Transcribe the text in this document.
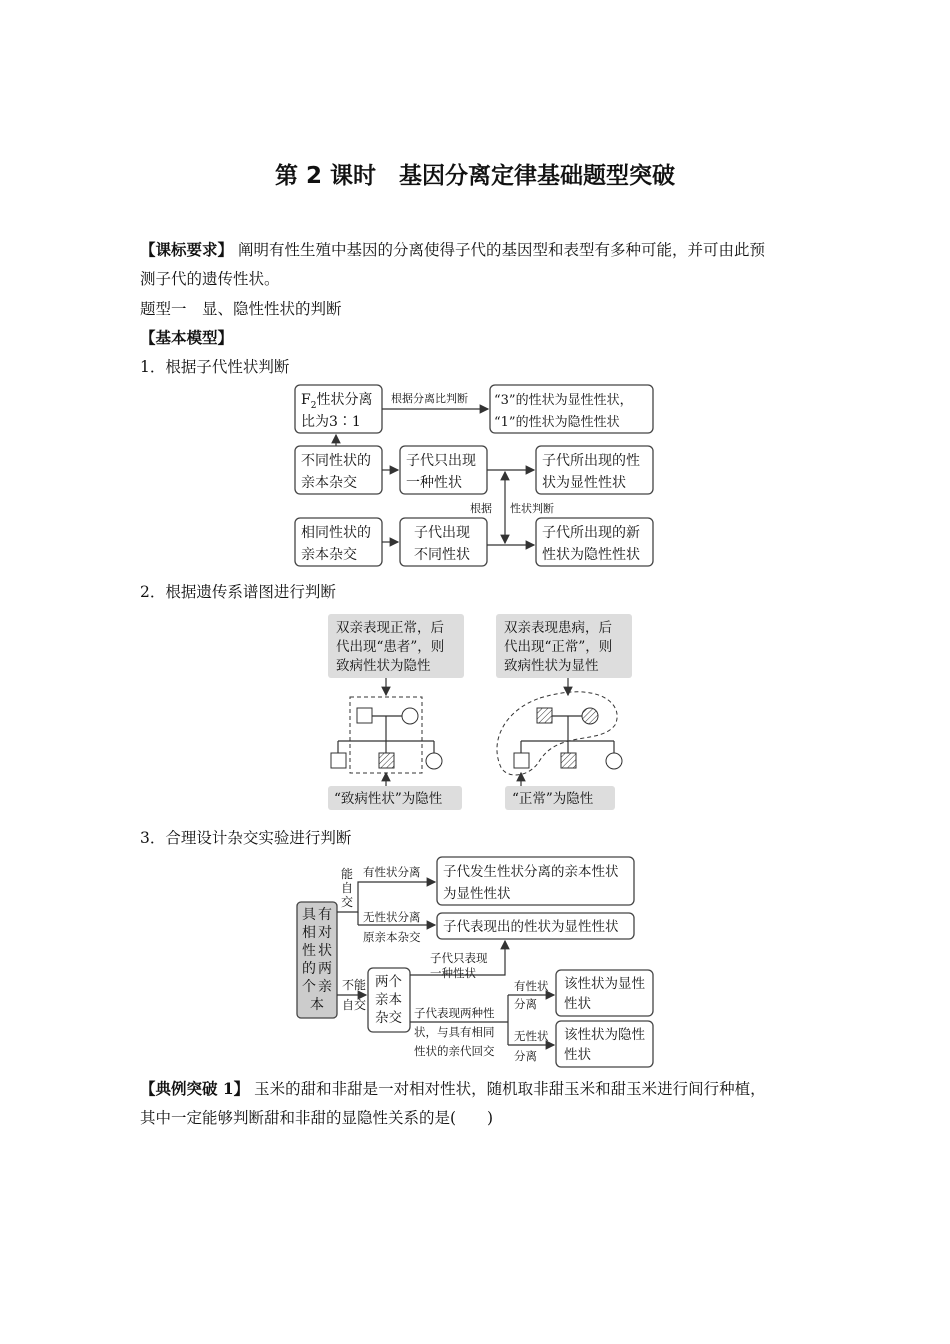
第 2 课时　基因分离定律基础题型突破
【课标要求】 阐明有性生殖中基因的分离使得子代的基因型和表型有多种可能，并可由此预
测子代的遗传性状。
题型一　显、隐性性状的判断
【基本模型】
1．根据子代性状判断
$F_2$性状分离
比为3∶1
根据分离比判断 “3”的性状为显性性状，
“1”的性状为隐性性状
不同性状的
亲本杂交
子代只出现
一种性状
子代所出现的性
状为显性性状
根据 性状判断
相同性状的
亲本杂交
子代出现
不同性状
子代所出现的新
性状为隐性性状
2．根据遗传系谱图进行判断
双亲表现正常，后
代出现“患者”，则
致病性状为隐性
“致病性状”为隐性
双亲表现患病，后
代出现“正常”，则
致病性状为显性
“正常”为隐性
3．合理设计杂交实验进行判断
具 有
相 对
性 状
的 两
个 亲
本
能
自
交
有性状分离 子代发生性状分离的亲本性状
为显性性状
无性状分离
原亲本杂交
子代表现出的性状为显性性状
不能
自交
两个
亲本
杂交
子代只表现
一种性状
子代表现两种性
状，与具有相同
性状的亲代回交
有性状
分离
无性状
分离
该性状为显性
性状
该性状为隐性
性状
【典例突破 1】 玉米的甜和非甜是一对相对性状，随机取非甜玉米和甜玉米进行间行种植，
其中一定能够判断甜和非甜的显隐性关系的是(　　)
